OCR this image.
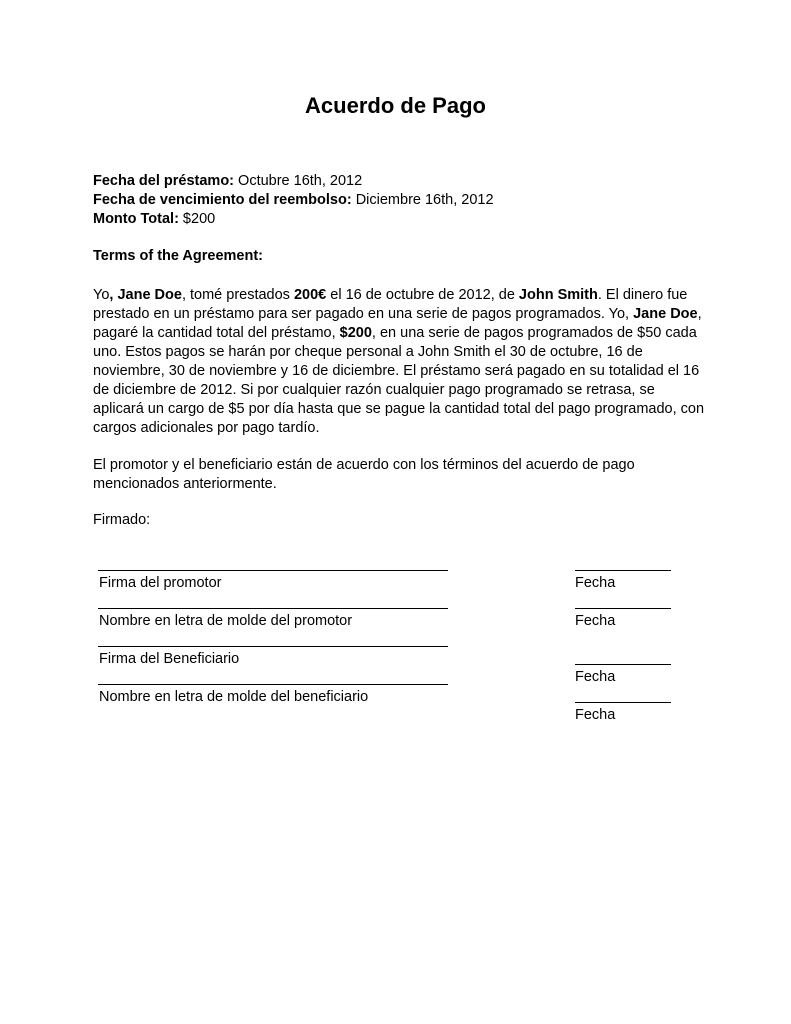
Acuerdo de Pago
Fecha del préstamo: Octubre 16th, 2012
Fecha de vencimiento del reembolso: Diciembre 16th, 2012
Monto Total: $200
Terms of the Agreement:
Yo, Jane Doe, tomé prestados 200€ el 16 de octubre de 2012, de John Smith. El dinero fue prestado en un préstamo para ser pagado en una serie de pagos programados. Yo, Jane Doe, pagaré la cantidad total del préstamo, $200, en una serie de pagos programados de $50 cada uno. Estos pagos se harán por cheque personal a John Smith el 30 de octubre, 16 de noviembre, 30 de noviembre y 16 de diciembre. El préstamo será pagado en su totalidad el 16 de diciembre de 2012. Si por cualquier razón cualquier pago programado se retrasa, se aplicará un cargo de $5 por día hasta que se pague la cantidad total del pago programado, con cargos adicionales por pago tardío.
El promotor y el beneficiario están de acuerdo con los términos del acuerdo de pago mencionados anteriormente.
Firmado:
Firma del promotor
Nombre en letra de molde del promotor
Firma del Beneficiario
Nombre en letra de molde del beneficiario
Fecha
Fecha
Fecha
Fecha
